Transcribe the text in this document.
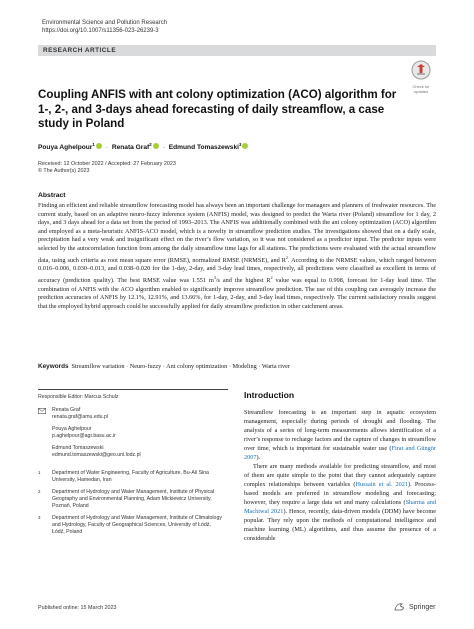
Environmental Science and Pollution Research
https://doi.org/10.1007/s11356-023-26239-3
RESEARCH ARTICLE
Check for
updates
Coupling ANFIS with ant colony optimization (ACO) algorithm for 1-, 2-, and 3-days ahead forecasting of daily streamflow, a case study in Poland
Pouya Aghelpour$^1$ · Renata Graf$^2$ · Edmund Tomaszewski$^3$
Received: 12 October 2022 / Accepted: 27 February 2023
© The Author(s) 2023
Abstract

Finding an efficient and reliable streamflow forecasting model has always been an important challenge for managers and planners of freshwater resources. The current study, based on an adaptive neuro-fuzzy inference system (ANFIS) model, was designed to predict the Warta river (Poland) streamflow for 1 day, 2 days, and 3 days ahead for a data set from the period of 1993–2013. The ANFIS was additionally combined with the ant colony optimization (ACO) algorithm and employed as a meta-heuristic ANFIS-ACO model, which is a novelty in streamflow prediction studies. The investigations showed that on a daily scale, precipitation had a very weak and insignificant effect on the river’s flow variation, so it was not considered as a predictor input. The predictor inputs were selected by the autocorrelation function from among the daily streamflow time lags for all stations. The predictions were evaluated with the actual streamflow data, using such criteria as root mean square error (RMSE), normalized RMSE (NRMSE), and $R^2$. According to the NRMSE values, which ranged between 0.016–0.006, 0.030–0.013, and 0.038–0.020 for the 1-day, 2-day, and 3-day lead times, respectively, all predictions were classified as excellent in terms of accuracy (prediction quality). The best RMSE value was 1.551 $m^3/s$ and the highest $R^2$ value was equal to 0.998, forecast for 1-day lead time. The combination of ANFIS with the ACO algorithm enabled to significantly improve streamflow prediction. The use of this coupling can averagely increase the prediction accuracies of ANFIS by 12.1%, 12.91%, and 13.66%, for 1-day, 2-day, and 3-day lead times, respectively. The current satisfactory results suggest that the employed hybrid approach could be successfully applied for daily streamflow prediction in other catchment areas.

Keywords Streamflow variation · Neuro-fuzzy · Ant colony optimization · Modeling · Warta river
Responsible Editor: Marcus Schulz
Renata Graf
renata.graf@amu.edu.pl
Pouya Aghelpour
p.aghelpour@agr.basu.ac.ir
Edmund Tomaszewski
edmund.tomaszewski@geo.uni.lodz.pl
1	Department of Water Engineering, Faculty of Agriculture, Bu-Ali Sina University, Hamedan, Iran
2	Department of Hydrology and Water Management, Institute of Physical Geography and Environmental Planning, Adam Mickiewicz University, Poznań, Poland
3	Department of Hydrology and Water Management, Institute of Climatology and Hydrology, Faculty of Geographical Sciences, University of Łódź, Łódź, Poland
Introduction

Streamflow forecasting is an important step in aquatic ecosystem management, especially during periods of drought and flooding. The analysis of a series of long-term measurements allows identification of a river’s response to recharge factors and the capture of changes in streamflow over time, which is important for sustainable water use (Firat and Güngör 2007).

There are many methods available for predicting streamflow, and most of them are quite simple to the point that they cannot adequately capture complex relationships between variables (Hussain et al. 2021). Process-based models are preferred in streamflow modeling and forecasting; however, they require a large data set and many calculations (Sharma and Machiwal 2021). Hence, recently, data-driven models (DDM) have become popular. They rely upon the methods of computational intelligence and machine learning (ML) algorithms, and thus assume the presence of a considerable

Published online: 15 March 2023	Springer
